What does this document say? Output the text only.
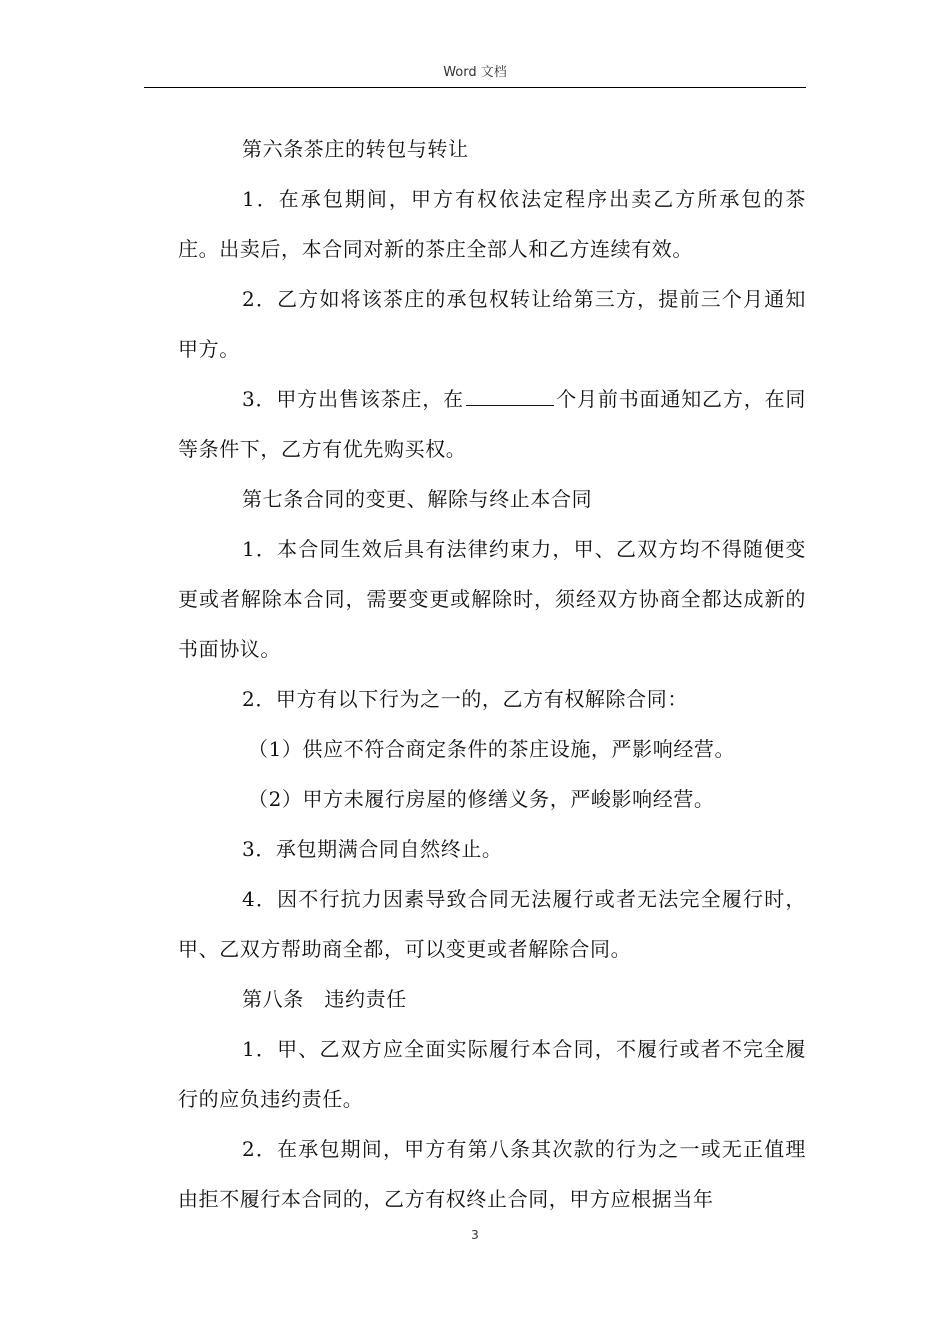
Word 文档

第六条茶庄的转包与转让

1．在承包期间，甲方有权依法定程序出卖乙方所承包的茶庄。出卖后，本合同对新的茶庄全部人和乙方连续有效。

2．乙方如将该茶庄的承包权转让给第三方，提前三个月通知甲方。

3．甲方出售该茶庄，在	个月前书面通知乙方，在同等条件下，乙方有优先购买权。

第七条合同的变更、解除与终止本合同

1．本合同生效后具有法律约束力，甲、乙双方均不得随便变更或者解除本合同，需要变更或解除时，须经双方协商全都达成新的书面协议。

2．甲方有以下行为之一的，乙方有权解除合同：

（1）供应不符合商定条件的茶庄设施，严影响经营。

（2）甲方未履行房屋的修缮义务，严峻影响经营。

3．承包期满合同自然终止。

4．因不行抗力因素导致合同无法履行或者无法完全履行时，甲、乙双方帮助商全都，可以变更或者解除合同。

第八条　违约责任

1．甲、乙双方应全面实际履行本合同，不履行或者不完全履行的应负违约责任。

2．在承包期间，甲方有第八条其次款的行为之一或无正值理由拒不履行本合同的，乙方有权终止合同，甲方应根据当年

3
